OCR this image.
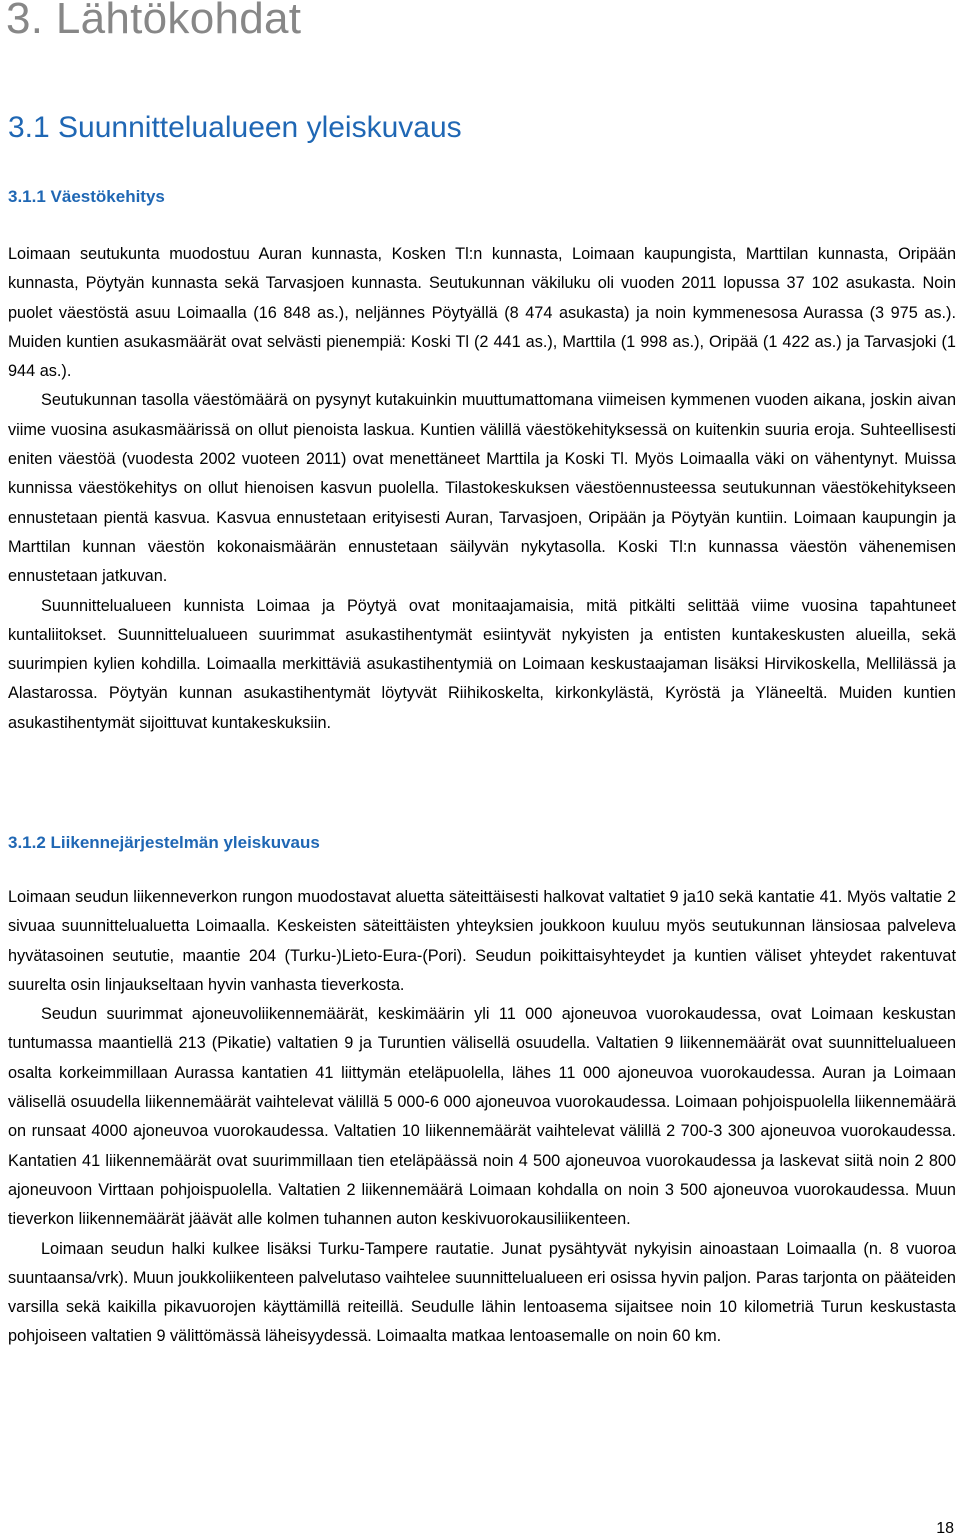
3. Lähtökohdat
3.1 Suunnittelualueen yleiskuvaus
3.1.1 Väestökehitys

Loimaan seutukunta muodostuu Auran kunnasta, Kosken Tl:n kunnasta, Loimaan kaupungista, Marttilan kunnasta, Oripään kunnasta, Pöytyän kunnasta sekä Tarvasjoen kunnasta. Seutukunnan väkiluku oli vuoden 2011 lopussa 37 102 asukasta. Noin puolet väestöstä asuu Loimaalla (16 848 as.), neljännes Pöytyällä (8 474 asukasta) ja noin kymmenesosa Aurassa (3 975 as.). Muiden kuntien asukasmäärät ovat selvästi pienempiä: Koski Tl (2 441 as.), Marttila (1 998 as.), Oripää (1 422 as.) ja Tarvasjoki (1 944 as.).

Seutukunnan tasolla väestömäärä on pysynyt kutakuinkin muuttumattomana viimeisen kymmenen vuoden aikana, joskin aivan viime vuosina asukasmäärissä on ollut pienoista laskua. Kuntien välillä väestökehityksessä on kuitenkin suuria eroja. Suhteellisesti eniten väestöä (vuodesta 2002 vuoteen 2011) ovat menettäneet Marttila ja Koski Tl. Myös Loimaalla väki on vähentynyt. Muissa kunnissa väestökehitys on ollut hienoisen kasvun puolella. Tilastokeskuksen väestöennusteessa seutukunnan väestökehitykseen ennustetaan pientä kasvua. Kasvua ennustetaan erityisesti Auran, Tarvasjoen, Oripään ja Pöytyän kuntiin. Loimaan kaupungin ja Marttilan kunnan väestön kokonaismäärän ennustetaan säilyvän nykytasolla. Koski Tl:n kunnassa väestön vähenemisen ennustetaan jatkuvan.

Suunnittelualueen kunnista Loimaa ja Pöytyä ovat monitaajamaisia, mitä pitkälti selittää viime vuosina tapahtuneet kuntaliitokset. Suunnittelualueen suurimmat asukastihentymät esiintyvät nykyisten ja entisten kuntakeskusten alueilla, sekä suurimpien kylien kohdilla. Loimaalla merkittäviä asukastihentymiä on Loimaan keskustaajaman lisäksi Hirvikoskella, Mellilässä ja Alastarossa. Pöytyän kunnan asukastihentymät löytyvät Riihikoskelta, kirkonkylästä, Kyröstä ja Yläneeltä. Muiden kuntien asukastihentymät sijoittuvat kuntakeskuksiin.

3.1.2 Liikennejärjestelmän yleiskuvaus

Loimaan seudun liikenneverkon rungon muodostavat aluetta säteittäisesti halkovat valtatiet 9 ja10 sekä kantatie 41. Myös valtatie 2 sivuaa suunnittelualuetta Loimaalla. Keskeisten säteittäisten yhteyksien joukkoon kuuluu myös seutukunnan länsiosaa palveleva hyvätasoinen seututie, maantie 204 (Turku-)Lieto-Eura-(Pori). Seudun poikittaisyhteydet ja kuntien väliset yhteydet rakentuvat suurelta osin linjaukseltaan hyvin vanhasta tieverkosta.

Seudun suurimmat ajoneuvoliikennemäärät, keskimäärin yli 11 000 ajoneuvoa vuorokaudessa, ovat Loimaan keskustan tuntumassa maantiellä 213 (Pikatie) valtatien 9 ja Turuntien välisellä osuudella. Valtatien 9 liikennemäärät ovat suunnittelualueen osalta korkeimmillaan Aurassa kantatien 41 liittymän eteläpuolella, lähes 11 000 ajoneuvoa vuorokaudessa. Auran ja Loimaan välisellä osuudella liikennemäärät vaihtelevat välillä 5 000-6 000 ajoneuvoa vuorokaudessa. Loimaan pohjoispuolella liikennemäärä on runsaat 4000 ajoneuvoa vuorokaudessa. Valtatien 10 liikennemäärät vaihtelevat välillä 2 700-3 300 ajoneuvoa vuorokaudessa. Kantatien 41 liikennemäärät ovat suurimmillaan tien eteläpäässä noin 4 500 ajoneuvoa vuorokaudessa ja laskevat siitä noin 2 800 ajoneuvoon Virttaan pohjoispuolella. Valtatien 2 liikennemäärä Loimaan kohdalla on noin 3 500 ajoneuvoa vuorokaudessa. Muun tieverkon liikennemäärät jäävät alle kolmen tuhannen auton keskivuorokausiliikenteen.

Loimaan seudun halki kulkee lisäksi Turku-Tampere rautatie. Junat pysähtyvät nykyisin ainoastaan Loimaalla (n. 8 vuoroa suuntaansa/vrk). Muun joukkoliikenteen palvelutaso vaihtelee suunnittelualueen eri osissa hyvin paljon. Paras tarjonta on pääteiden varsilla sekä kaikilla pikavuorojen käyttämillä reiteillä. Seudulle lähin lentoasema sijaitsee noin 10 kilometriä Turun keskustasta pohjoiseen valtatien 9 välittömässä läheisyydessä. Loimaalta matkaa lentoasemalle on noin 60 km.

18
